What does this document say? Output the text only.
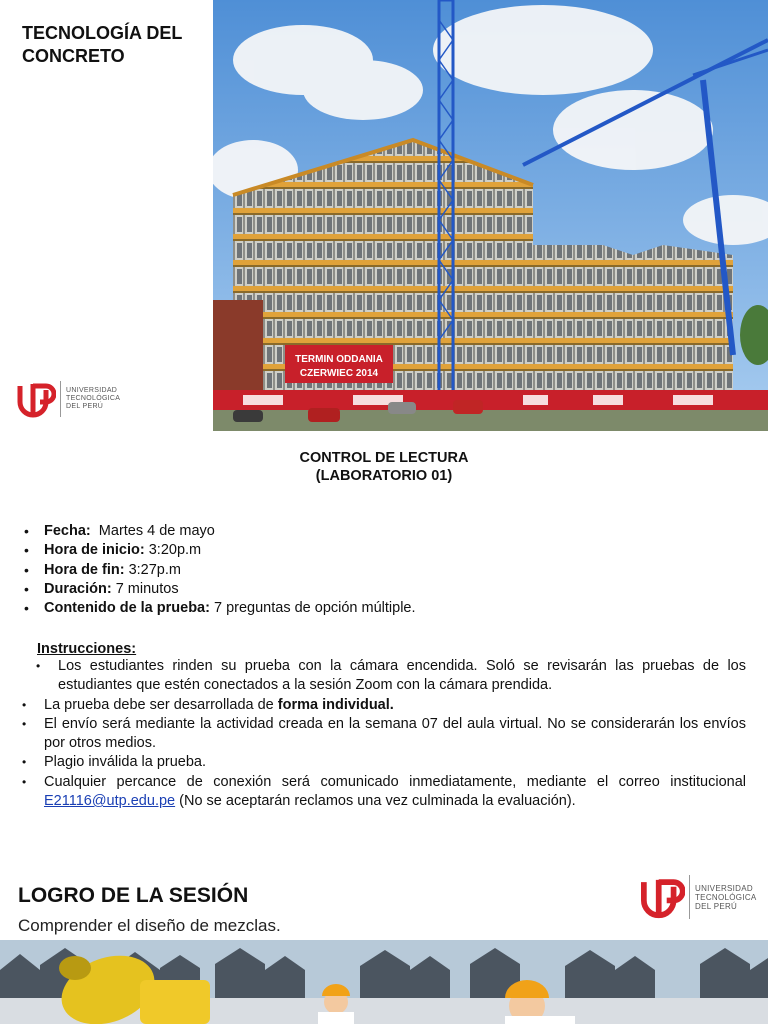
TECNOLOGÍA DEL CONCRETO
UNIVERSIDAD
TECNOLÓGICA
DEL PERÚ
TERMIN ODDANIA
CZERWIEC 2014
CONTROL DE LECTURA
(LABORATORIO 01)
• Fecha:  Martes 4 de mayo
• Hora de inicio: 3:20p.m
• Hora de fin: 3:27p.m
• Duración: 7 minutos
• Contenido de la prueba: 7 preguntas de opción múltiple.
Instrucciones:
• Los estudiantes rinden su prueba con la cámara encendida. Soló se revisarán las pruebas de los estudiantes que estén conectados a la sesión Zoom con la cámara prendida.
• La prueba debe ser desarrollada de forma individual.
• El envío será mediante la actividad creada en la semana 07 del aula virtual. No se considerarán los envíos por otros medios.
• Plagio inválida la prueba.
• Cualquier percance de conexión será comunicado inmediatamente, mediante el correo institucional E21116@utp.edu.pe (No se aceptarán reclamos una vez culminada la evaluación).
LOGRO DE LA SESIÓN
Comprender el diseño de mezclas.
UNIVERSIDAD
TECNOLÓGICA
DEL PERÚ
